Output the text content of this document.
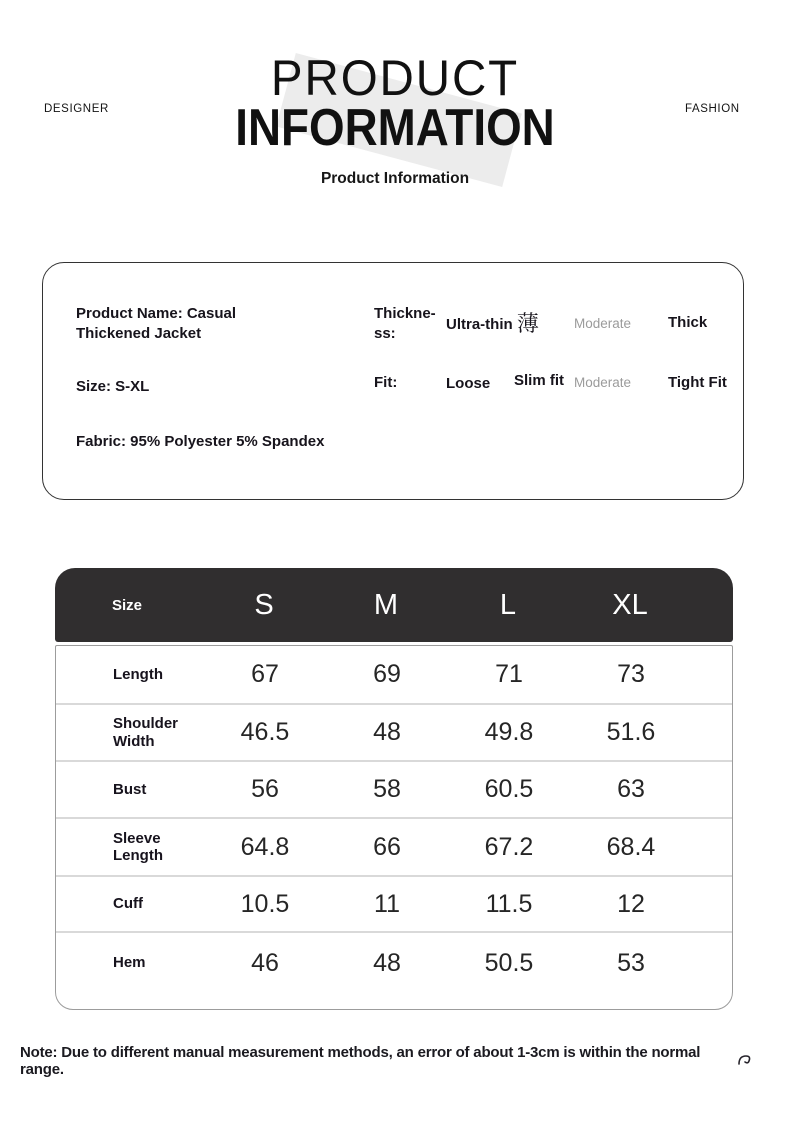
DESIGNER	FASHION
PRODUCT
INFORMATION
Product Information
Product Name: Casual Thickened Jacket
Size: S-XL
Fabric: 95% Polyester 5% Spandex
Thickne-ss:	Ultra-thin 薄	Moderate Thick
Fit:	Loose Slim fit Moderate Tight Fit
Size	S	M	L	XL
Length	67	69	71	73
Shoulder Width	46.5	48	49.8	51.6
Bust	56	58	60.5	63
Sleeve Length	64.8	66	67.2	68.4
Cuff	10.5	11	11.5	12
Hem	46	48	50.5	53
Note: Due to different manual measurement methods, an error of about 1-3cm is within the normal range.
